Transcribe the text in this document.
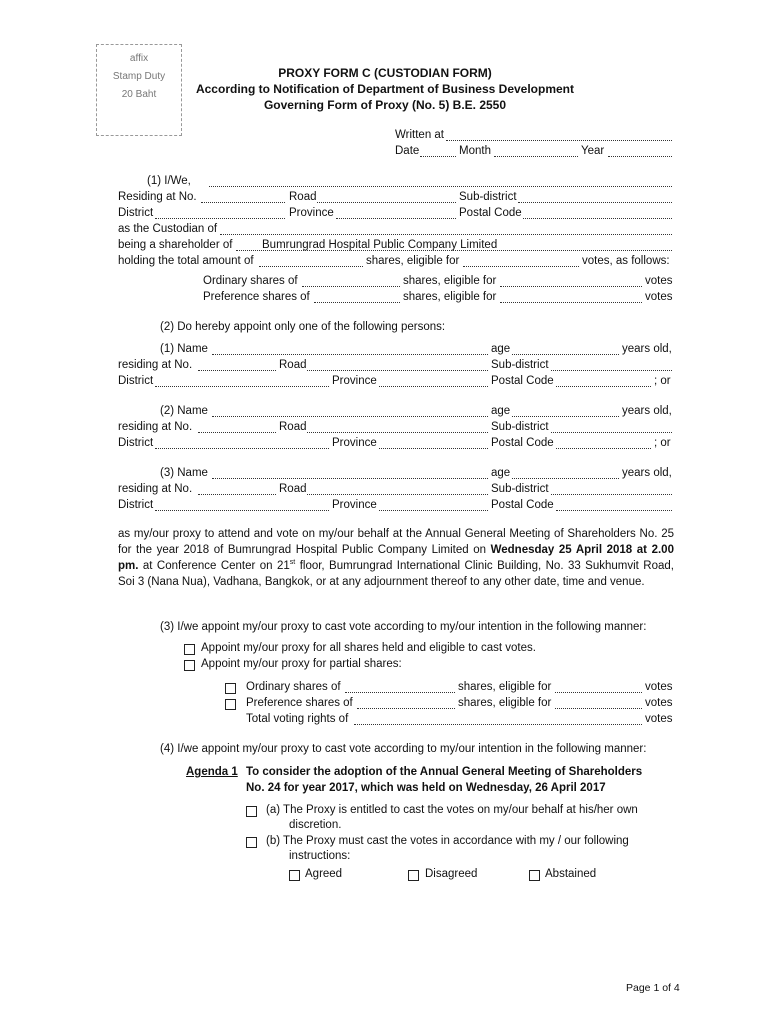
affix
Stamp Duty
20 Baht
PROXY FORM C (CUSTODIAN FORM)
According to Notification of Department of Business Development
Governing Form of Proxy (No. 5) B.E. 2550
Written at
Date	Month	Year
(1) I/We,
Residing at No.	Road	Sub-district
District	Province	Postal Code
as the Custodian of
being a shareholder of	Bumrungrad Hospital Public Company Limited
holding the total amount of	shares, eligible for	votes, as follows:
Ordinary shares of	shares, eligible for	votes
Preference shares of	shares, eligible for	votes
(2) Do hereby appoint only one of the following persons:
(1) Name	age	years old,
residing at No.	Road	Sub-district
District	Province	Postal Code	; or
(2) Name	age	years old,
residing at No.	Road	Sub-district
District	Province	Postal Code	; or
(3) Name	age	years old,
residing at No.	Road	Sub-district
District	Province	Postal Code
as my/our proxy to attend and vote on my/our behalf at the Annual General Meeting of Shareholders No. 25 for the year 2018 of Bumrungrad Hospital Public Company Limited on Wednesday 25 April 2018 at 2.00 pm. at Conference Center on 21st floor, Bumrungrad International Clinic Building, No. 33 Sukhumvit Road, Soi 3 (Nana Nua), Vadhana, Bangkok, or at any adjournment thereof to any other date, time and venue.
(3) I/we appoint my/our proxy to cast vote according to my/our intention in the following manner:
Appoint my/our proxy for all shares held and eligible to cast votes.
Appoint my/our proxy for partial shares:
Ordinary shares of	shares, eligible for	votes
Preference shares of	shares, eligible for	votes
Total voting rights of	votes
(4) I/we appoint my/our proxy to cast vote according to my/our intention in the following manner:
Agenda 1 To consider the adoption of the Annual General Meeting of Shareholders
No. 24 for year 2017, which was held on Wednesday, 26 April 2017
(a) The Proxy is entitled to cast the votes on my/our behalf at his/her own
discretion.
(b) The Proxy must cast the votes in accordance with my / our following
instructions:
Agreed	Disagreed	Abstained
Page 1 of 4
